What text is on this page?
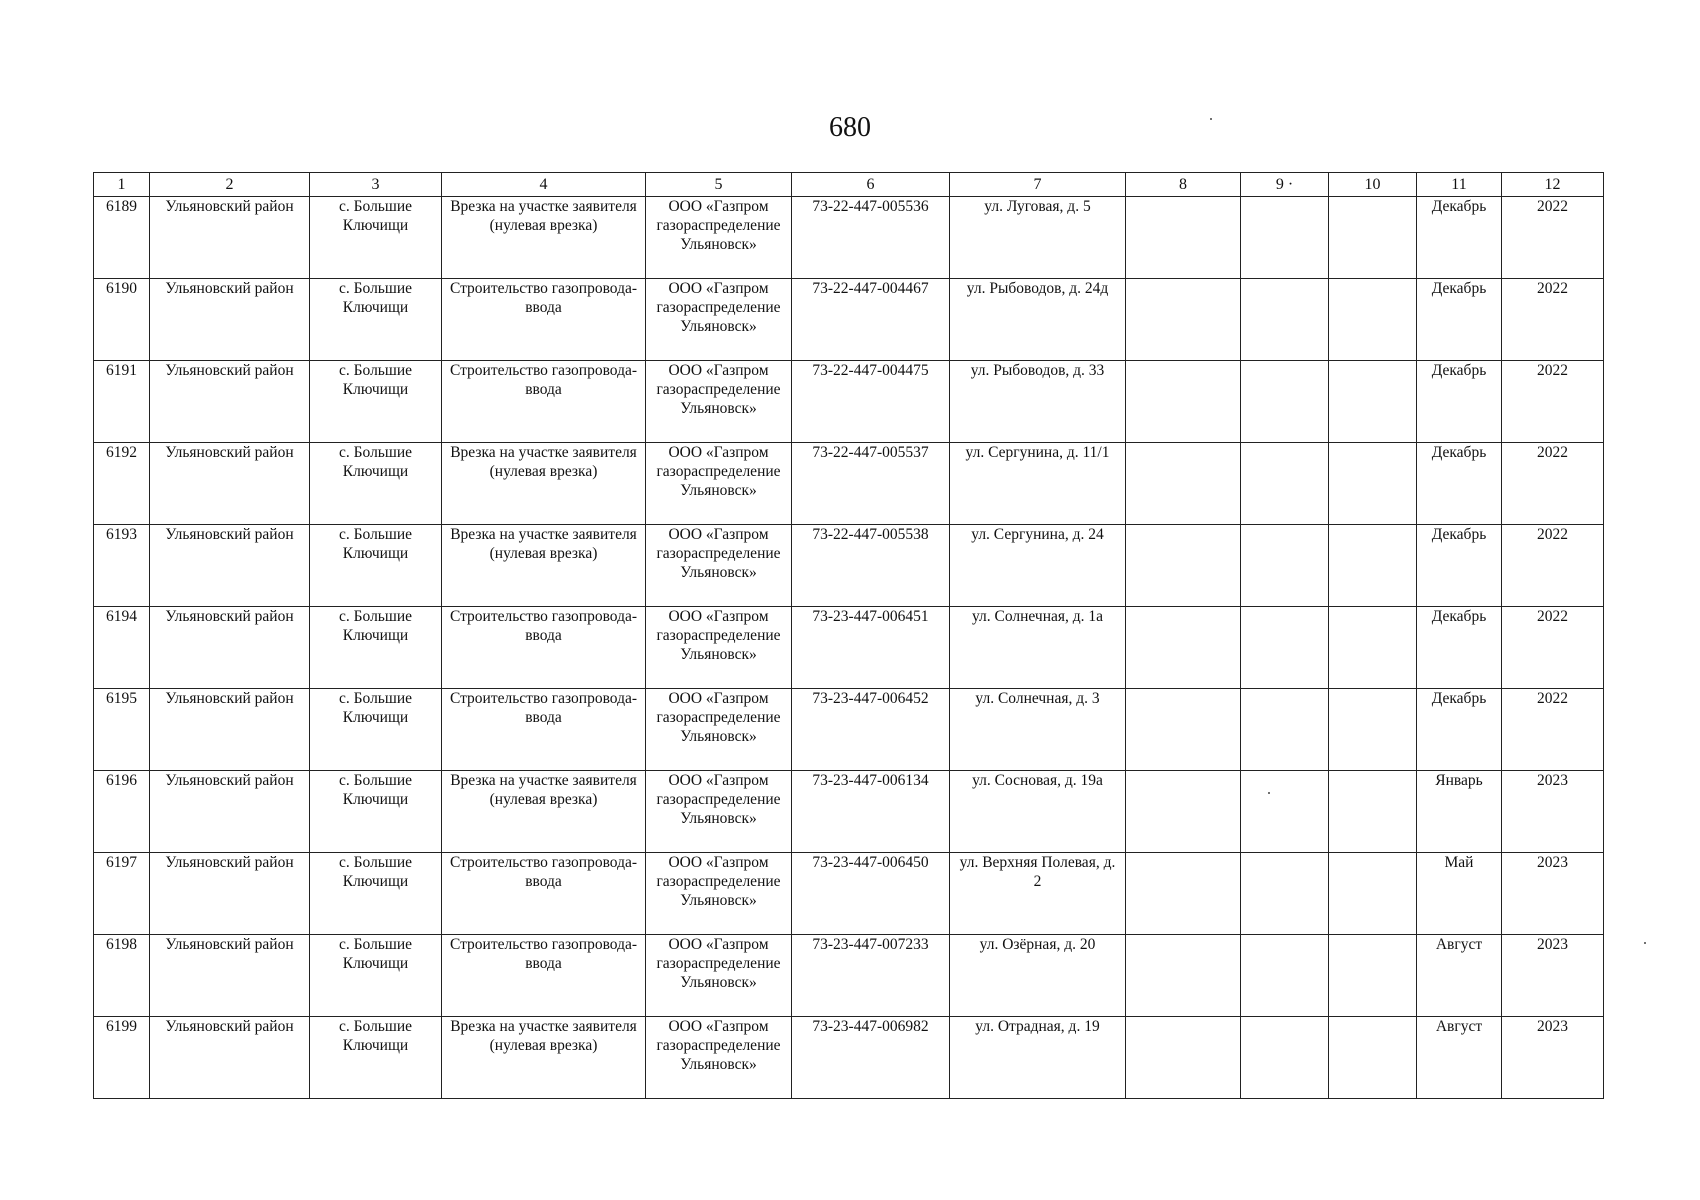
680
1	2	3	4	5	6	7	8	9 ·	10	11	12
6189	Ульяновский район	с. Большие Ключищи	Врезка на участке заявителя (нулевая врезка)	ООО «Газпром газораспределение Ульяновск»	73-22-447-005536	ул. Луговая, д. 5				Декабрь	2022
6190	Ульяновский район	с. Большие Ключищи	Строительство газопровода-ввода	ООО «Газпром газораспределение Ульяновск»	73-22-447-004467	ул. Рыбоводов, д. 24д				Декабрь	2022
6191	Ульяновский район	с. Большие Ключищи	Строительство газопровода-ввода	ООО «Газпром газораспределение Ульяновск»	73-22-447-004475	ул. Рыбоводов, д. 33				Декабрь	2022
6192	Ульяновский район	с. Большие Ключищи	Врезка на участке заявителя (нулевая врезка)	ООО «Газпром газораспределение Ульяновск»	73-22-447-005537	ул. Сергунина, д. 11/1				Декабрь	2022
6193	Ульяновский район	с. Большие Ключищи	Врезка на участке заявителя (нулевая врезка)	ООО «Газпром газораспределение Ульяновск»	73-22-447-005538	ул. Сергунина, д. 24				Декабрь	2022
6194	Ульяновский район	с. Большие Ключищи	Строительство газопровода-ввода	ООО «Газпром газораспределение Ульяновск»	73-23-447-006451	ул. Солнечная, д. 1а				Декабрь	2022
6195	Ульяновский район	с. Большие Ключищи	Строительство газопровода-ввода	ООО «Газпром газораспределение Ульяновск»	73-23-447-006452	ул. Солнечная, д. 3				Декабрь	2022
6196	Ульяновский район	с. Большие Ключищи	Врезка на участке заявителя (нулевая врезка)	ООО «Газпром газораспределение Ульяновск»	73-23-447-006134	ул. Сосновая, д. 19а				Январь	2023
6197	Ульяновский район	с. Большие Ключищи	Строительство газопровода-ввода	ООО «Газпром газораспределение Ульяновск»	73-23-447-006450	ул. Верхняя Полевая, д. 2				Май	2023
6198	Ульяновский район	с. Большие Ключищи	Строительство газопровода-ввода	ООО «Газпром газораспределение Ульяновск»	73-23-447-007233	ул. Озёрная, д. 20				Август	2023
6199	Ульяновский район	с. Большие Ключищи	Врезка на участке заявителя (нулевая врезка)	ООО «Газпром газораспределение Ульяновск»	73-23-447-006982	ул. Отрадная, д. 19				Август	2023
